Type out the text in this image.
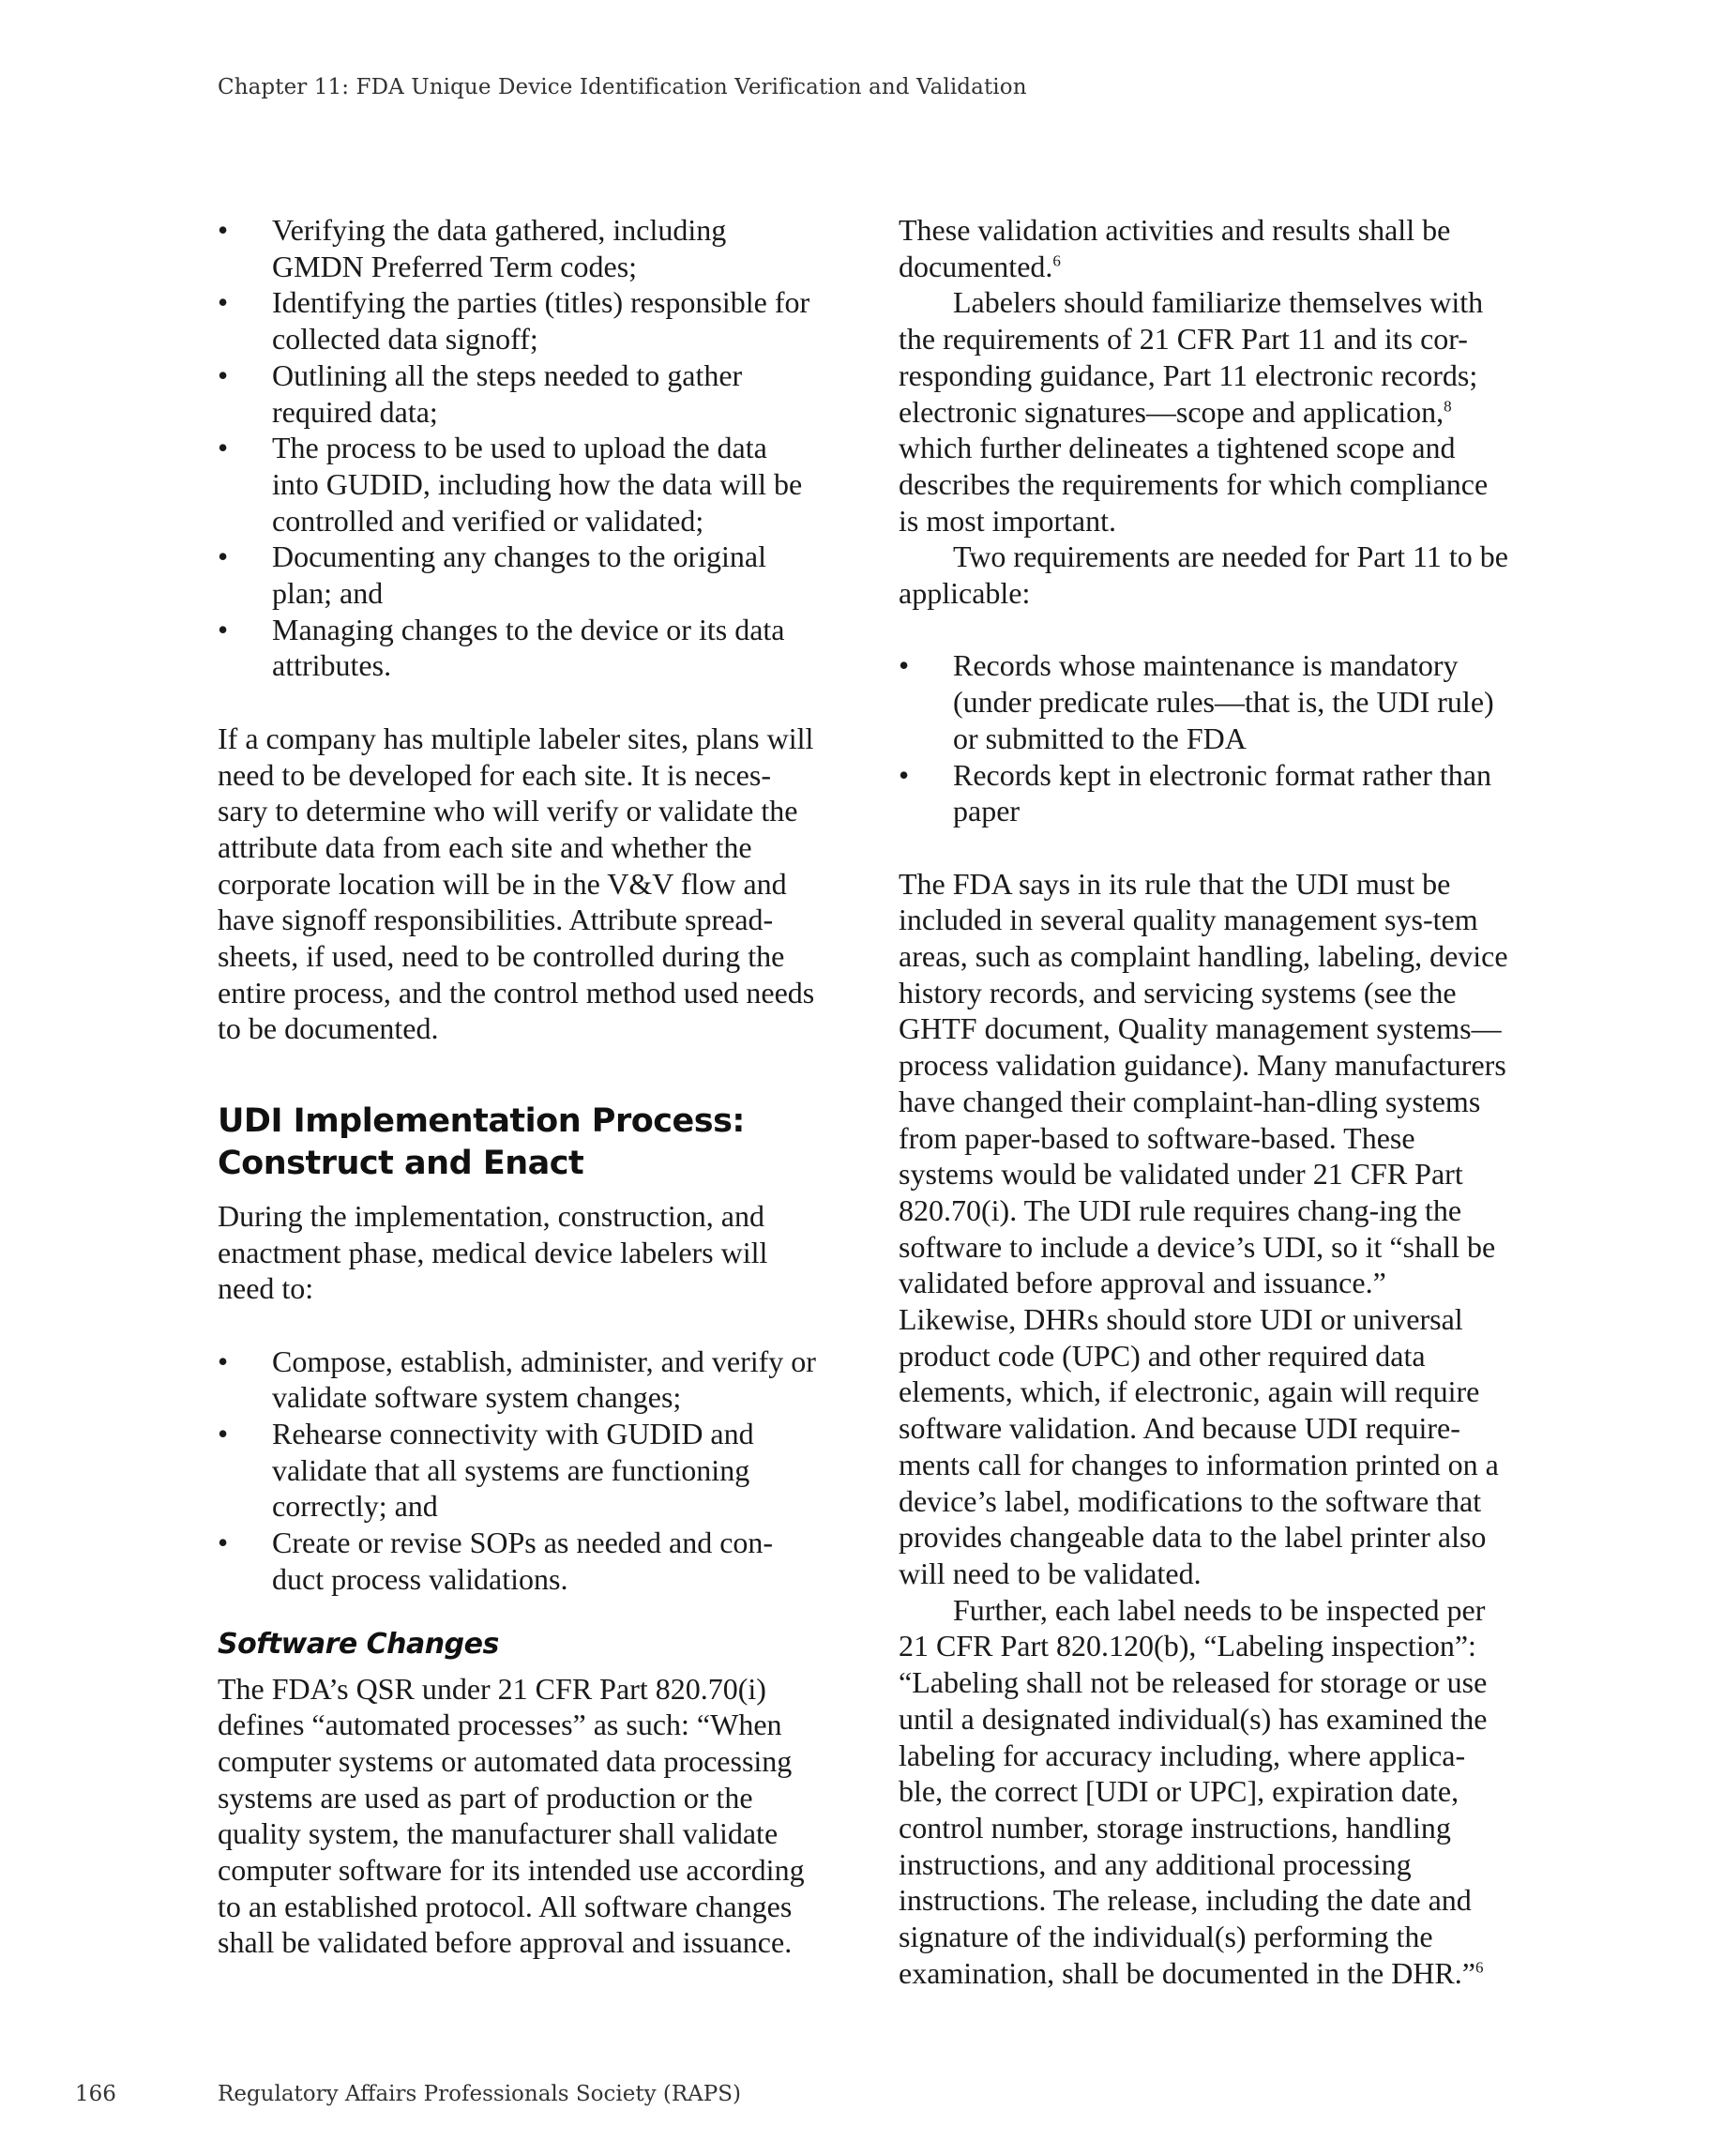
Chapter 11: FDA Unique Device Identification Verification and Validation
• Verifying the data gathered, including GMDN Preferred Term codes;
• Identifying the parties (titles) responsible for collected data signoff;
• Outlining all the steps needed to gather required data;
• The process to be used to upload the data into GUDID, including how the data will be controlled and verified or validated;
• Documenting any changes to the original plan; and
• Managing changes to the device or its data attributes.

If a company has multiple labeler sites, plans will need to be developed for each site. It is neces-sary to determine who will verify or validate the attribute data from each site and whether the corporate location will be in the V&V flow and have signoff responsibilities. Attribute spread-sheets, if used, need to be controlled during the entire process, and the control method used needs to be documented.

UDI Implementation Process: Construct and Enact

During the implementation, construction, and enactment phase, medical device labelers will need to:

• Compose, establish, administer, and verify or validate software system changes;
• Rehearse connectivity with GUDID and validate that all systems are functioning correctly; and
• Create or revise SOPs as needed and con-duct process validations.
Software Changes

The FDA’s QSR under 21 CFR Part 820.70(i) defines “automated processes” as such: “When computer systems or automated data processing systems are used as part of production or the quality system, the manufacturer shall validate computer software for its intended use according to an established protocol. All software changes shall be validated before approval and issuance.

These validation activities and results shall be documented.$^6$

Labelers should familiarize themselves with the requirements of 21 CFR Part 11 and its cor-responding guidance, Part 11 electronic records; electronic signatures—scope and application,$^8$ which further delineates a tightened scope and describes the requirements for which compliance is most important.

Two requirements are needed for Part 11 to be applicable:

• Records whose maintenance is mandatory (under predicate rules—that is, the UDI rule) or submitted to the FDA
• Records kept in electronic format rather than paper

The FDA says in its rule that the UDI must be included in several quality management sys-tem areas, such as complaint handling, labeling, device history records, and servicing systems (see the GHTF document, Quality management systems—process validation guidance). Many manufacturers have changed their complaint-han-dling systems from paper-based to software-based. These systems would be validated under 21 CFR Part 820.70(i). The UDI rule requires chang-ing the software to include a device’s UDI, so it “shall be validated before approval and issuance.” Likewise, DHRs should store UDI or universal product code (UPC) and other required data elements, which, if electronic, again will require software validation. And because UDI require-ments call for changes to information printed on a device’s label, modifications to the software that provides changeable data to the label printer also will need to be validated.

Further, each label needs to be inspected per 21 CFR Part 820.120(b), “Labeling inspection”: “Labeling shall not be released for storage or use until a designated individual(s) has examined the labeling for accuracy including, where applica-ble, the correct [UDI or UPC], expiration date, control number, storage instructions, handling instructions, and any additional processing instructions. The release, including the date and signature of the individual(s) performing the examination, shall be documented in the DHR.”$^6$

166	Regulatory Affairs Professionals Society (RAPS)
